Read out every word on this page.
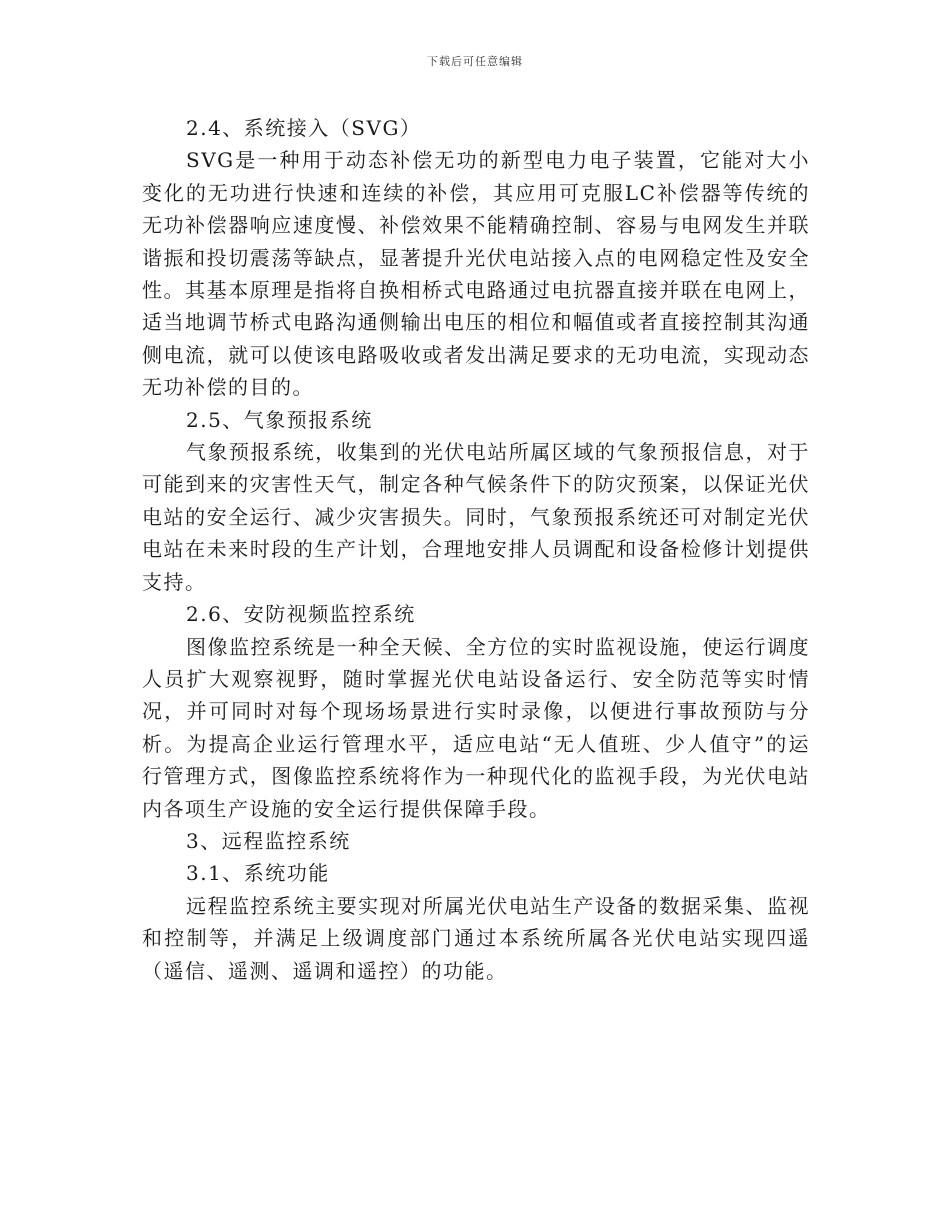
下载后可任意编辑

2.4、系统接入（SVG）

SVG是一种用于动态补偿无功的新型电力电子装置，它能对大小变化的无功进行快速和连续的补偿，其应用可克服LC补偿器等传统的无功补偿器响应速度慢、补偿效果不能精确控制、容易与电网发生并联谐振和投切震荡等缺点，显著提升光伏电站接入点的电网稳定性及安全性。其基本原理是指将自换相桥式电路通过电抗器直接并联在电网上，适当地调节桥式电路沟通侧输出电压的相位和幅值或者直接控制其沟通侧电流，就可以使该电路吸收或者发出满足要求的无功电流，实现动态无功补偿的目的。

2.5、气象预报系统

气象预报系统，收集到的光伏电站所属区域的气象预报信息，对于可能到来的灾害性天气，制定各种气候条件下的防灾预案，以保证光伏电站的安全运行、减少灾害损失。同时，气象预报系统还可对制定光伏电站在未来时段的生产计划，合理地安排人员调配和设备检修计划提供支持。

2.6、安防视频监控系统

图像监控系统是一种全天候、全方位的实时监视设施，使运行调度人员扩大观察视野，随时掌握光伏电站设备运行、安全防范等实时情况，并可同时对每个现场场景进行实时录像，以便进行事故预防与分析。为提高企业运行管理水平，适应电站“无人值班、少人值守”的运行管理方式，图像监控系统将作为一种现代化的监视手段，为光伏电站内各项生产设施的安全运行提供保障手段。

3、远程监控系统

3.1、系统功能

远程监控系统主要实现对所属光伏电站生产设备的数据采集、监视和控制等，并满足上级调度部门通过本系统所属各光伏电站实现四遥（遥信、遥测、遥调和遥控）的功能。
